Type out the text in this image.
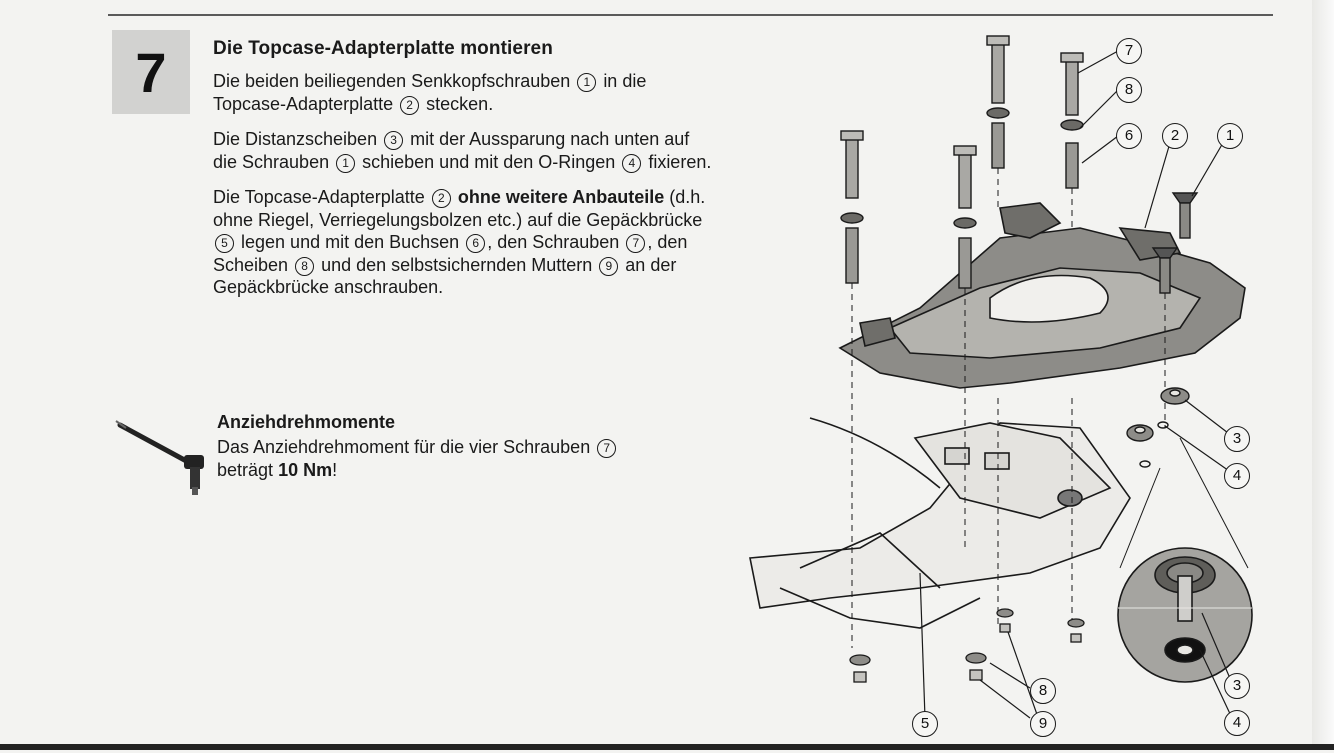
7	Die Topcase-Adapterplatte montieren

Die beiden beiliegenden Senkkopfschrauben 1 in die Topcase-Adapterplatte 2 stecken.

Die Distanzscheiben 3 mit der Aussparung nach unten auf die Schrauben 1 schieben und mit den O-Ringen 4 fixieren.

Die Topcase-Adapterplatte 2 ohne weitere Anbauteile (d.h. ohne Riegel, Verriegelungsbolzen etc.) auf die Gepäckbrücke 5 legen und mit den Buchsen 6 , den Schrauben 7 , den Scheiben 8 und den selbstsichernden Muttern 9 an der Gepäckbrücke anschrauben.

Anziehdrehmomente
Das Anziehdrehmoment für die vier Schrauben 7 beträgt 10 Nm!
7
8
6	2	1
3
4
3
4
8
9
5
